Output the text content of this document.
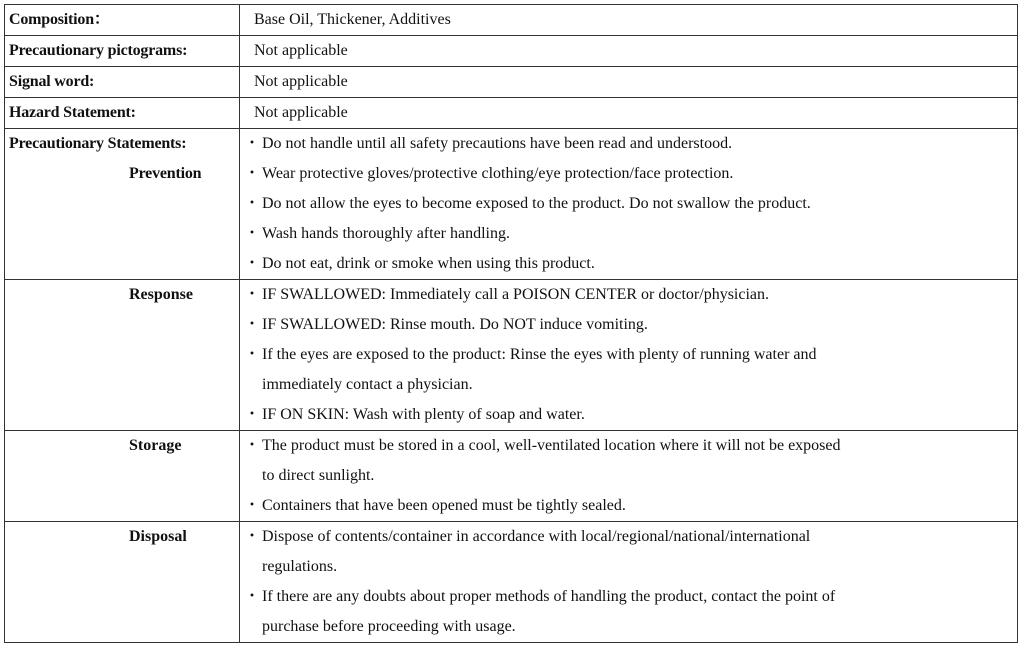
Composition：	Base Oil, Thickener, Additives
Precautionary pictograms:	Not applicable
Signal word:	Not applicable
Hazard Statement:	Not applicable

Precautionary Statements:
Prevention	・ Do not handle until all safety precautions have been read and understood.
・ Wear protective gloves/protective clothing/eye protection/face protection.
・ Do not allow the eyes to become exposed to the product. Do not swallow the product.
・ Wash hands thoroughly after handling.
・ Do not eat, drink or smoke when using this product.

Response	・ IF SWALLOWED: Immediately call a POISON CENTER or doctor/physician.
・ IF SWALLOWED: Rinse mouth. Do NOT induce vomiting.
・ If the eyes are exposed to the product: Rinse the eyes with plenty of running water and
immediately contact a physician.
・ IF ON SKIN: Wash with plenty of soap and water.

Storage	・ The product must be stored in a cool, well-ventilated location where it will not be exposed
to direct sunlight.
・ Containers that have been opened must be tightly sealed.

Disposal	・ Dispose of contents/container in accordance with local/regional/national/international
regulations.
・ If there are any doubts about proper methods of handling the product, contact the point of
purchase before proceeding with usage.
